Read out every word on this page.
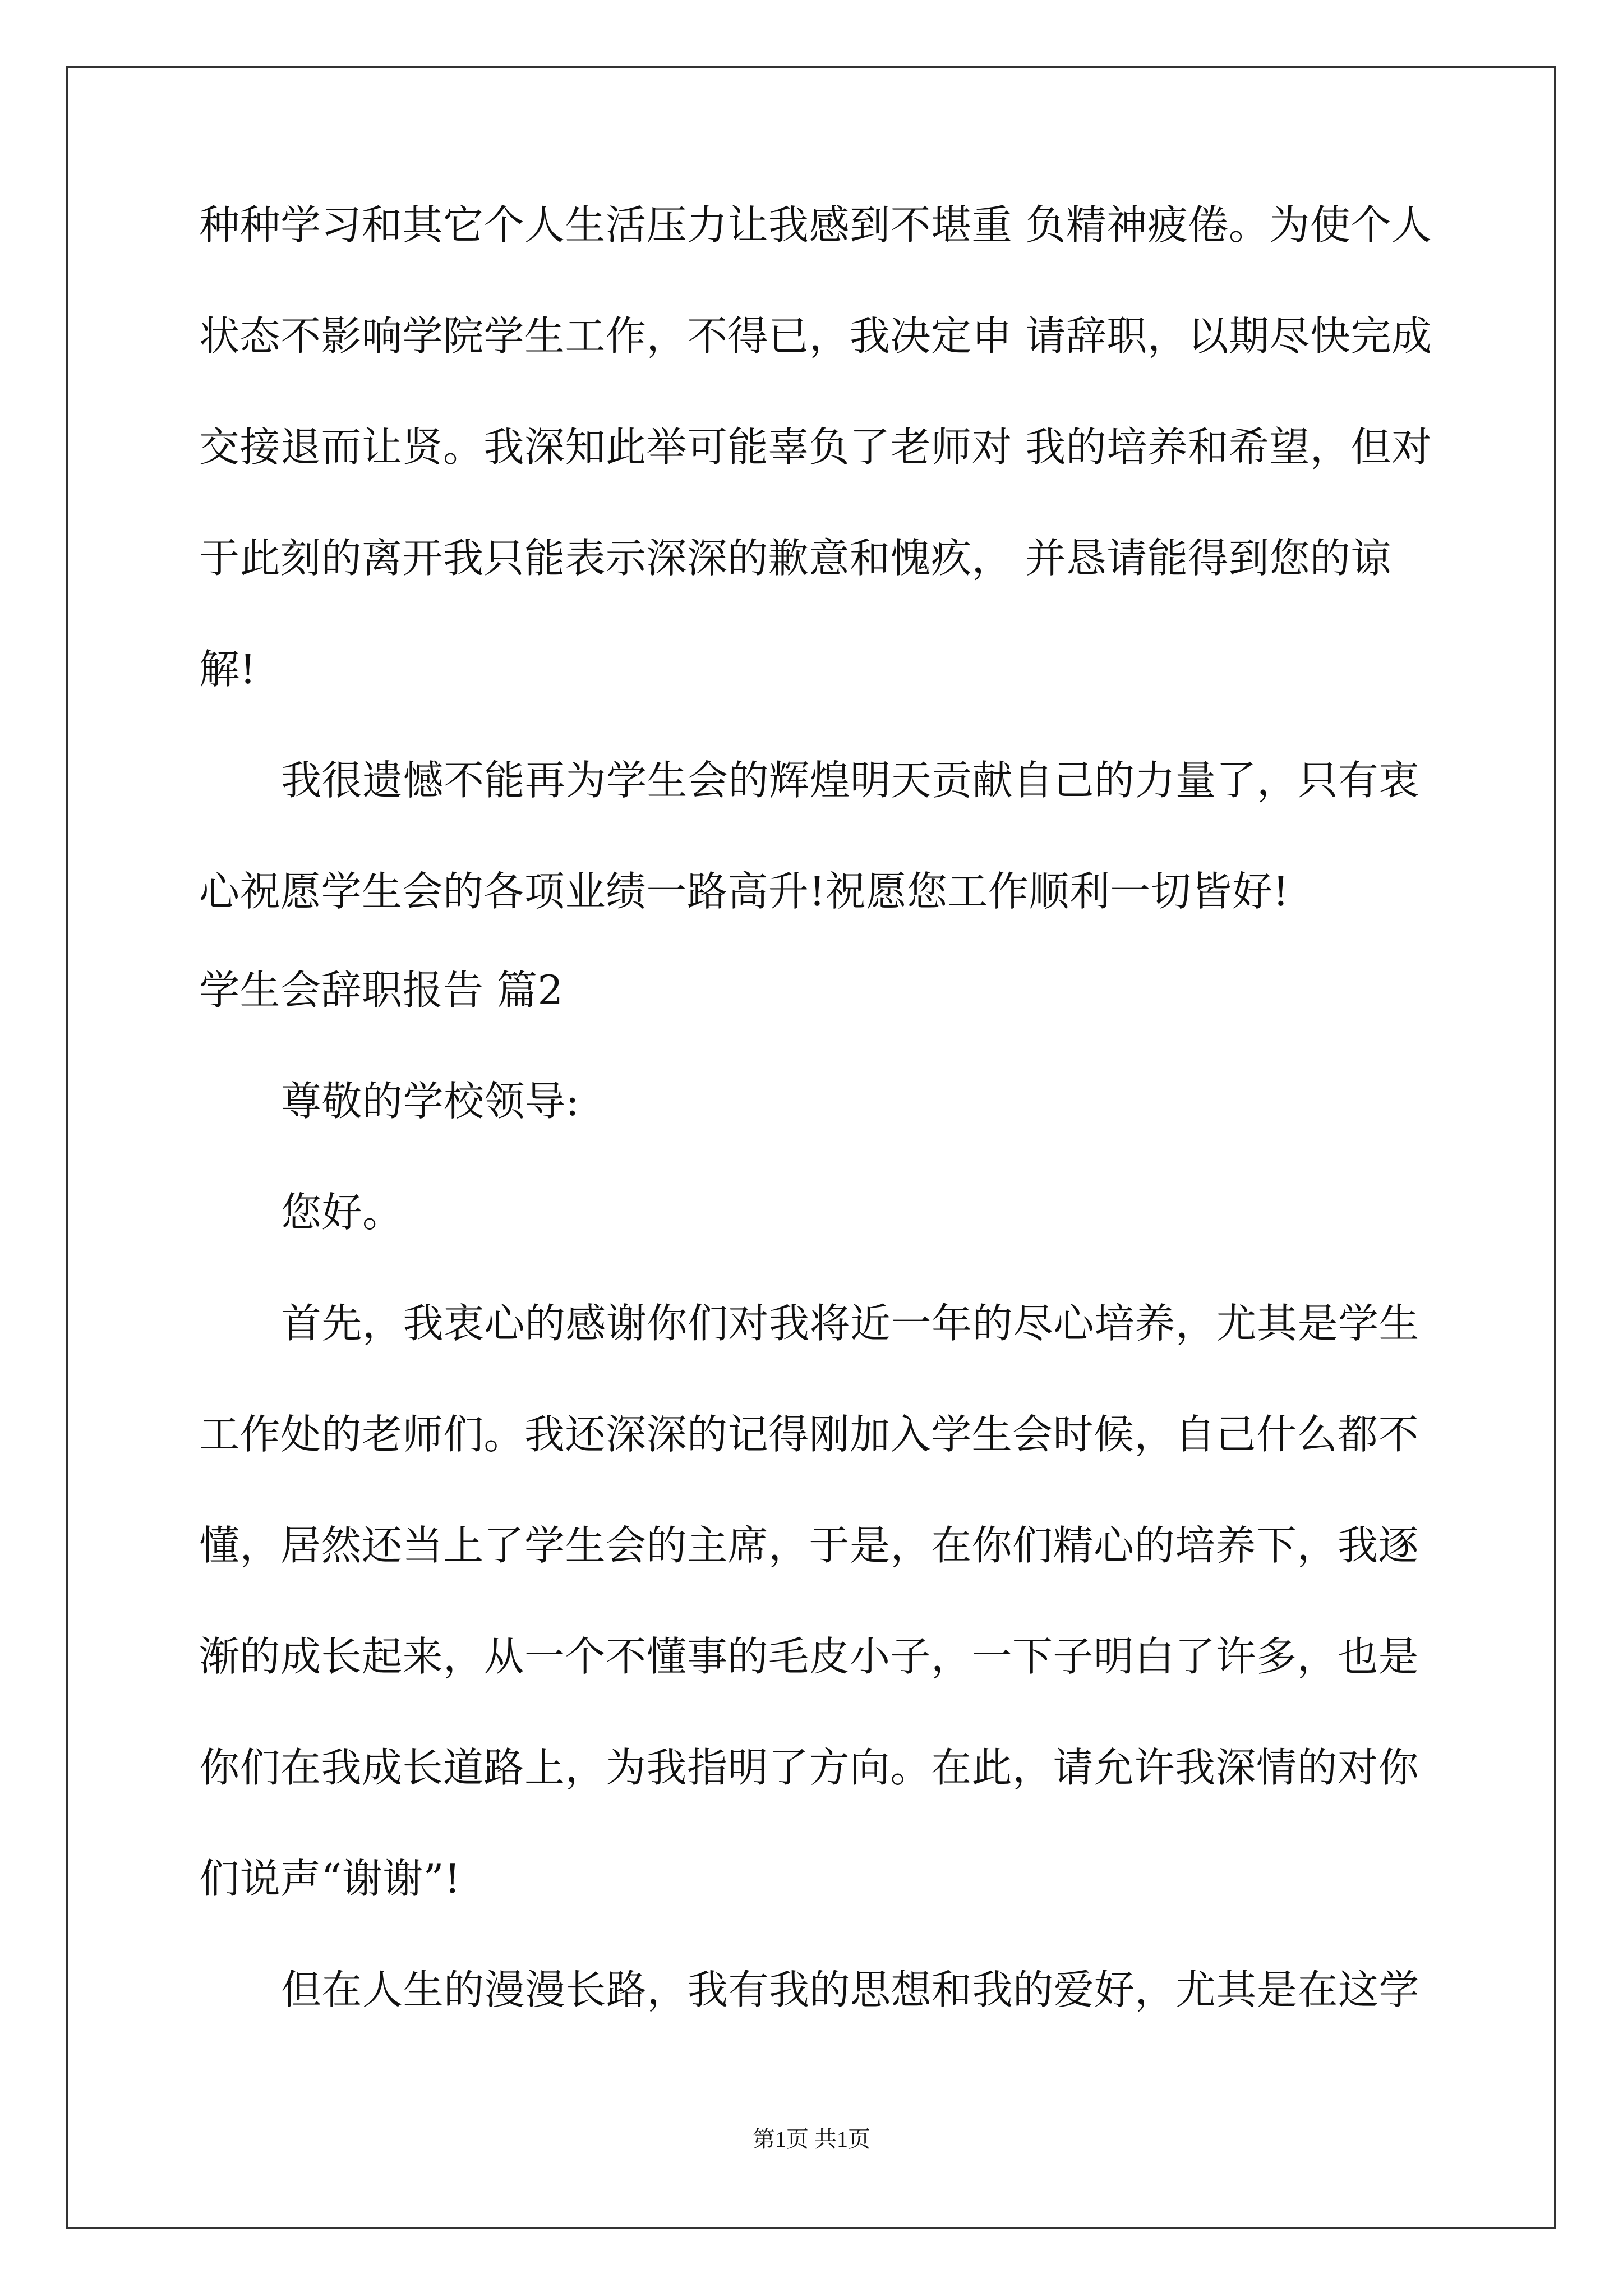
种种学习和其它个人生活压力让我感到不堪重 负精神疲倦。为使个人

状态不影响学院学生工作，不得已，我决定申 请辞职，以期尽快完成

交接退而让贤。我深知此举可能辜负了老师对 我的培养和希望，但对

于此刻的离开我只能表示深深的歉意和愧疚， 并恳请能得到您的谅

解!

我很遗憾不能再为学生会的辉煌明天贡献自己的力量了，只有衷

心祝愿学生会的各项业绩一路高升!祝愿您工作顺利一切皆好!

学生会辞职报告 篇2

尊敬的学校领导:

您好。

首先，我衷心的感谢你们对我将近一年的尽心培养，尤其是学生

工作处的老师们。我还深深的记得刚加入学生会时候，自己什么都不

懂，居然还当上了学生会的主席，于是，在你们精心的培养下，我逐

渐的成长起来，从一个不懂事的毛皮小子，一下子明白了许多，也是

你们在我成长道路上，为我指明了方向。在此，请允许我深情的对你

们说声“谢谢”!

但在人生的漫漫长路，我有我的思想和我的爱好，尤其是在这学

第1页 共1页
